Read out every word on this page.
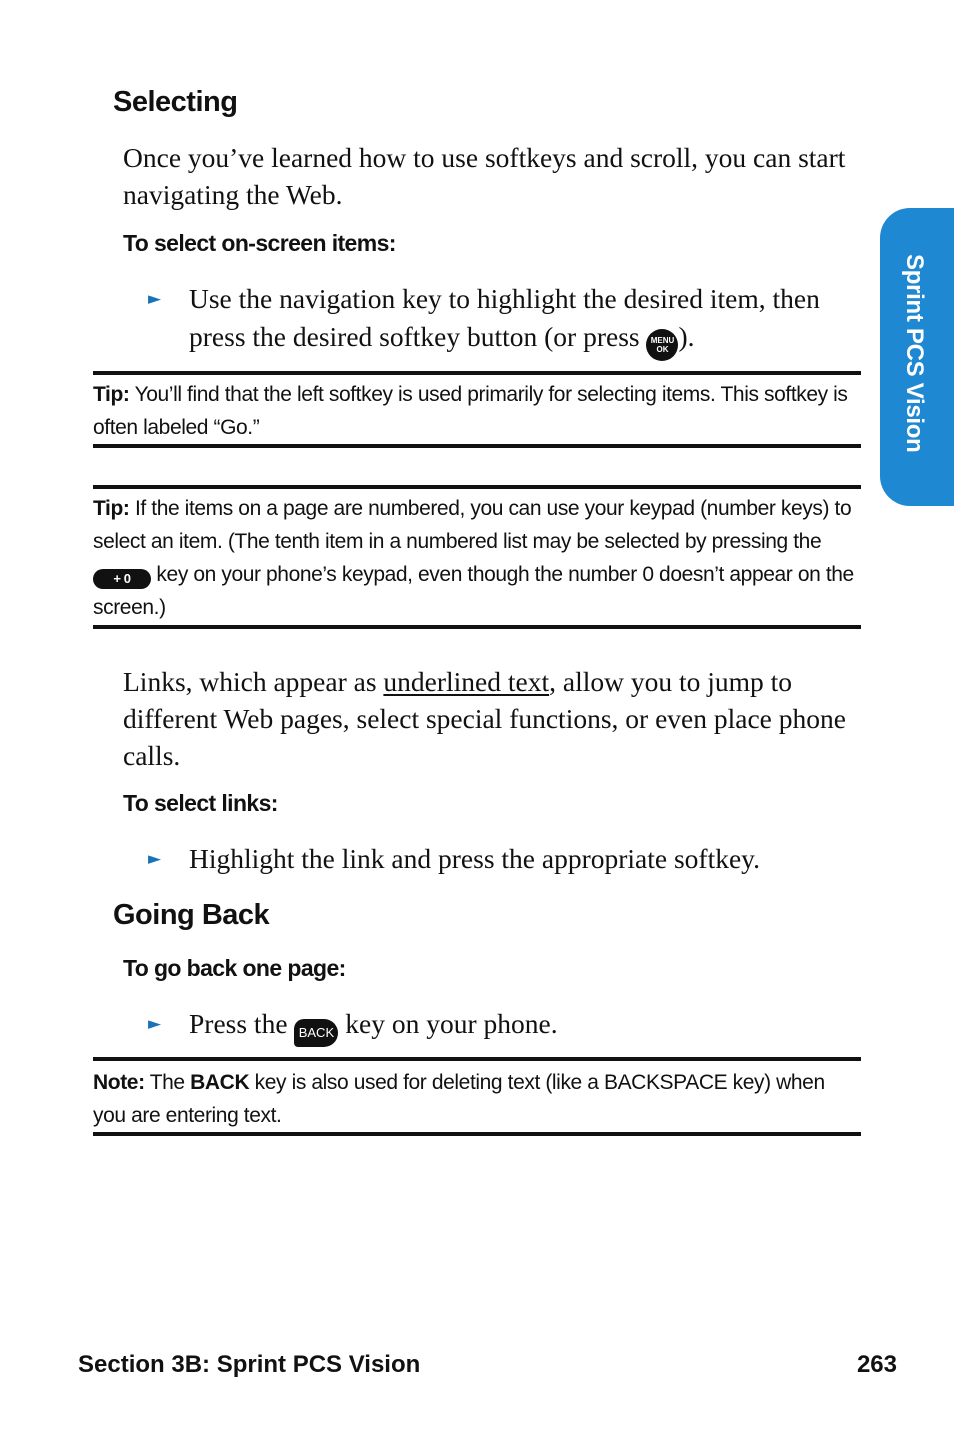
Sprint PCS Vision
Selecting

Once you’ve learned how to use softkeys and scroll, you can start navigating the Web.

To select on-screen items:

►	Use the navigation key to highlight the desired item, then press the desired softkey button (or press MENU
OK ).
Tip: You’ll find that the left softkey is used primarily for selecting items. This softkey is often labeled “Go.”
Tip: If the items on a page are numbered, you can use your keypad (number keys) to select an item. (The tenth item in a numbered list may be selected by pressing the + 0 key on your phone’s keypad, even though the number 0 doesn’t appear on the screen.)

Links, which appear as underlined text, allow you to jump to different Web pages, select special functions, or even place phone calls.

To select links:

►	Highlight the link and press the appropriate softkey.
Going Back

To go back one page:

►	Press the BACK key on your phone.
Note: The BACK key is also used for deleting text (like a BACKSPACE key) when you are entering text.
Section 3B: Sprint PCS Vision	263
